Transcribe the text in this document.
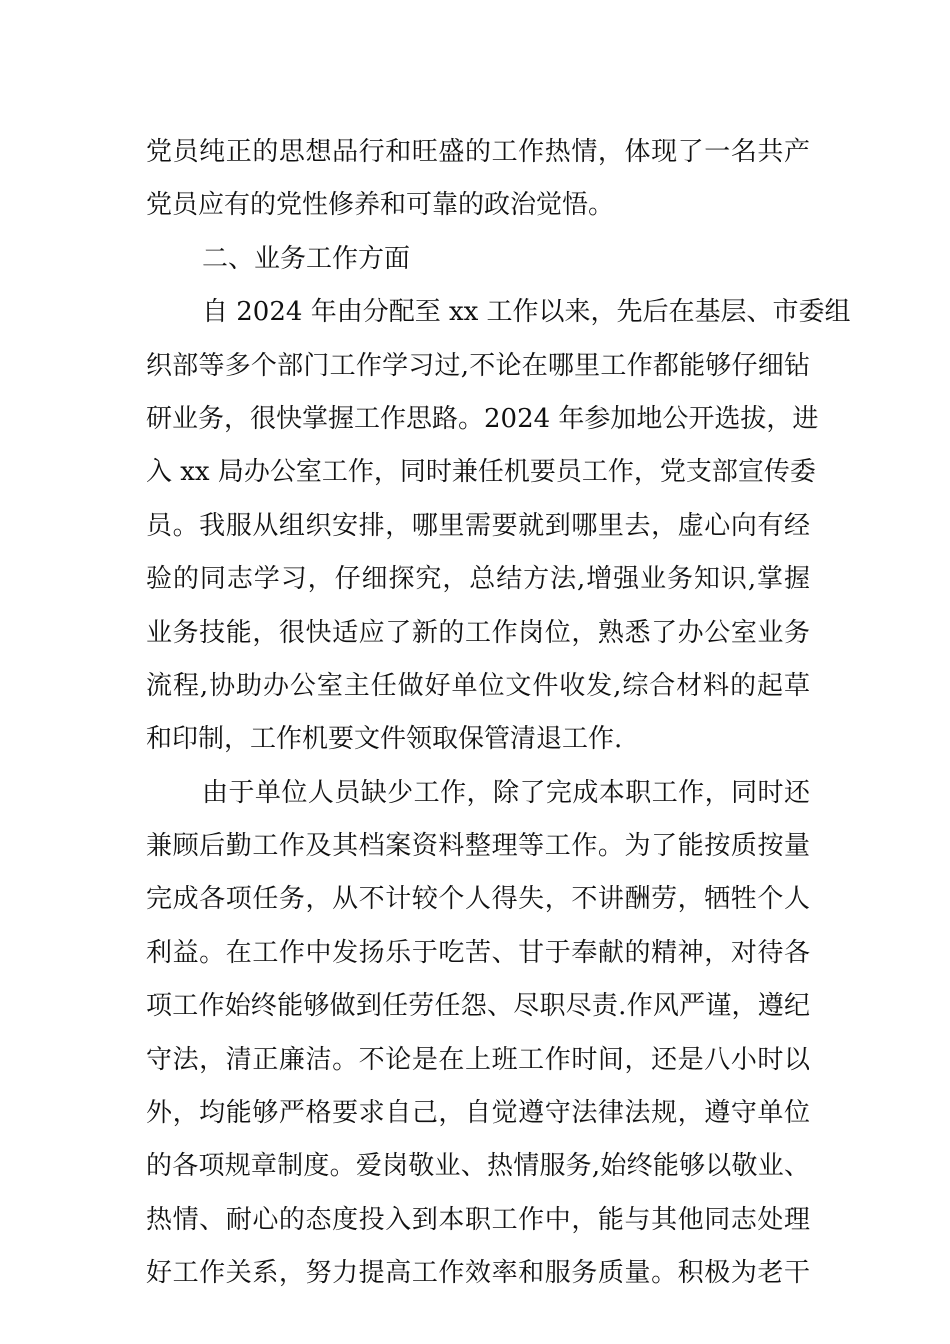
党员纯正的思想品行和旺盛的工作热情，体现了一名共产
党员应有的党性修养和可靠的政治觉悟。
二、业务工作方面
自 2024 年由分配至 xx 工作以来，先后在基层、市委组
织部等多个部门工作学习过,不论在哪里工作都能够仔细钻
研业务，很快掌握工作思路。2024 年参加地公开选拔，进
入 xx 局办公室工作，同时兼任机要员工作，党支部宣传委
员。我服从组织安排，哪里需要就到哪里去，虚心向有经
验的同志学习，仔细探究，总结方法,增强业务知识,掌握
业务技能，很快适应了新的工作岗位，熟悉了办公室业务
流程,协助办公室主任做好单位文件收发,综合材料的起草
和印制，工作机要文件领取保管清退工作.
由于单位人员缺少工作，除了完成本职工作，同时还
兼顾后勤工作及其档案资料整理等工作。为了能按质按量
完成各项任务，从不计较个人得失，不讲酬劳，牺牲个人
利益。在工作中发扬乐于吃苦、甘于奉献的精神，对待各
项工作始终能够做到任劳任怨、尽职尽责.作风严谨，遵纪
守法，清正廉洁。不论是在上班工作时间，还是八小时以
外，均能够严格要求自己，自觉遵守法律法规，遵守单位
的各项规章制度。爱岗敬业、热情服务,始终能够以敬业、
热情、耐心的态度投入到本职工作中，能与其他同志处理
好工作关系，努力提高工作效率和服务质量。积极为老干
